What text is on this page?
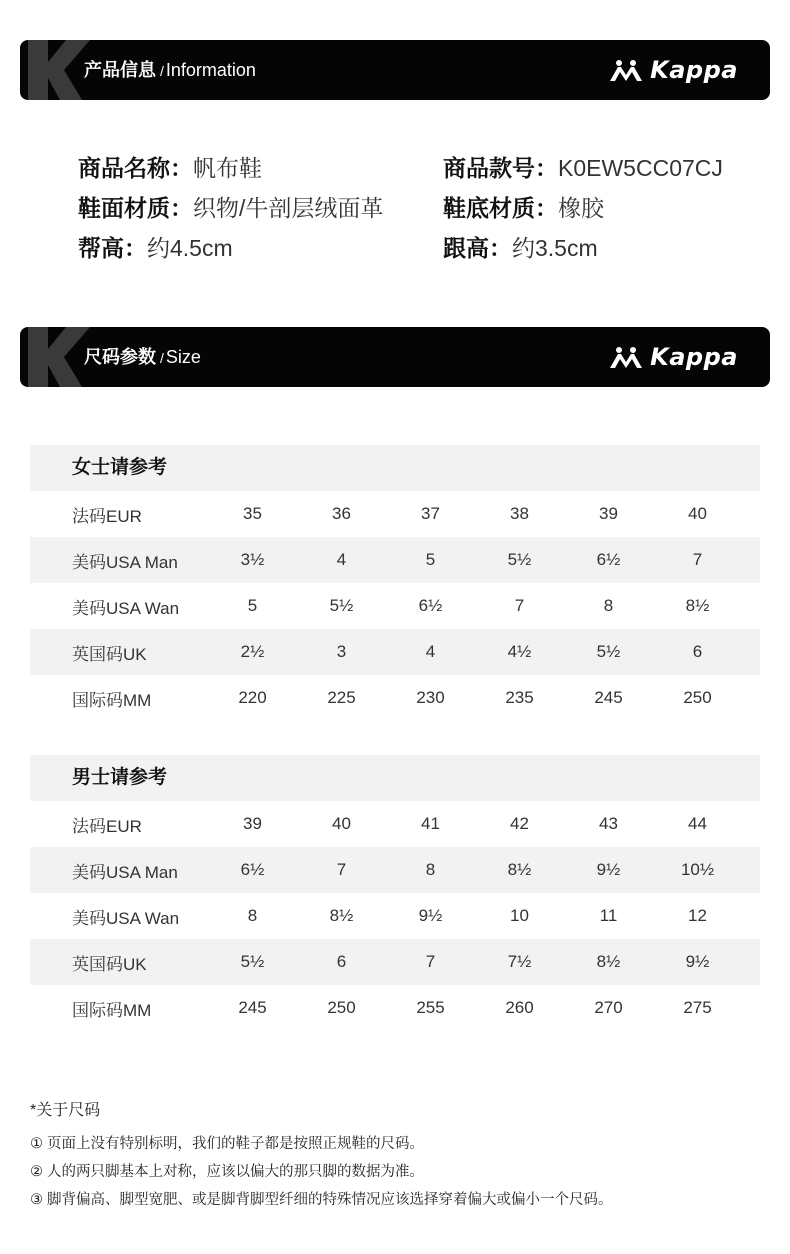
产品信息 / Information	Kappa
商品名称：帆布鞋	商品款号：K0EW5CC07CJ
鞋面材质：织物/牛剖层绒面革	鞋底材质：橡胶
帮高：约4.5cm	跟高：约3.5cm
尺码参数 / Size	Kappa
女士请参考
法码EUR	35	36	37	38	39	40
美码USA Man	3½	4	5	5½	6½	7
美码USA Wan	5	5½	6½	7	8	8½
英国码UK	2½	3	4	4½	5½	6
国际码MM	220	225	230	235	245	250
男士请参考
法码EUR	39	40	41	42	43	44
美码USA Man	6½	7	8	8½	9½	10½
美码USA Wan	8	8½	9½	10	11	12
英国码UK	5½	6	7	7½	8½	9½
国际码MM	245	250	255	260	270	275
*关于尺码
① 页面上没有特别标明，我们的鞋子都是按照正规鞋的尺码。
② 人的两只脚基本上对称，应该以偏大的那只脚的数据为准。
③ 脚背偏高、脚型宽肥、或是脚背脚型纤细的特殊情况应该选择穿着偏大或偏小一个尺码。
